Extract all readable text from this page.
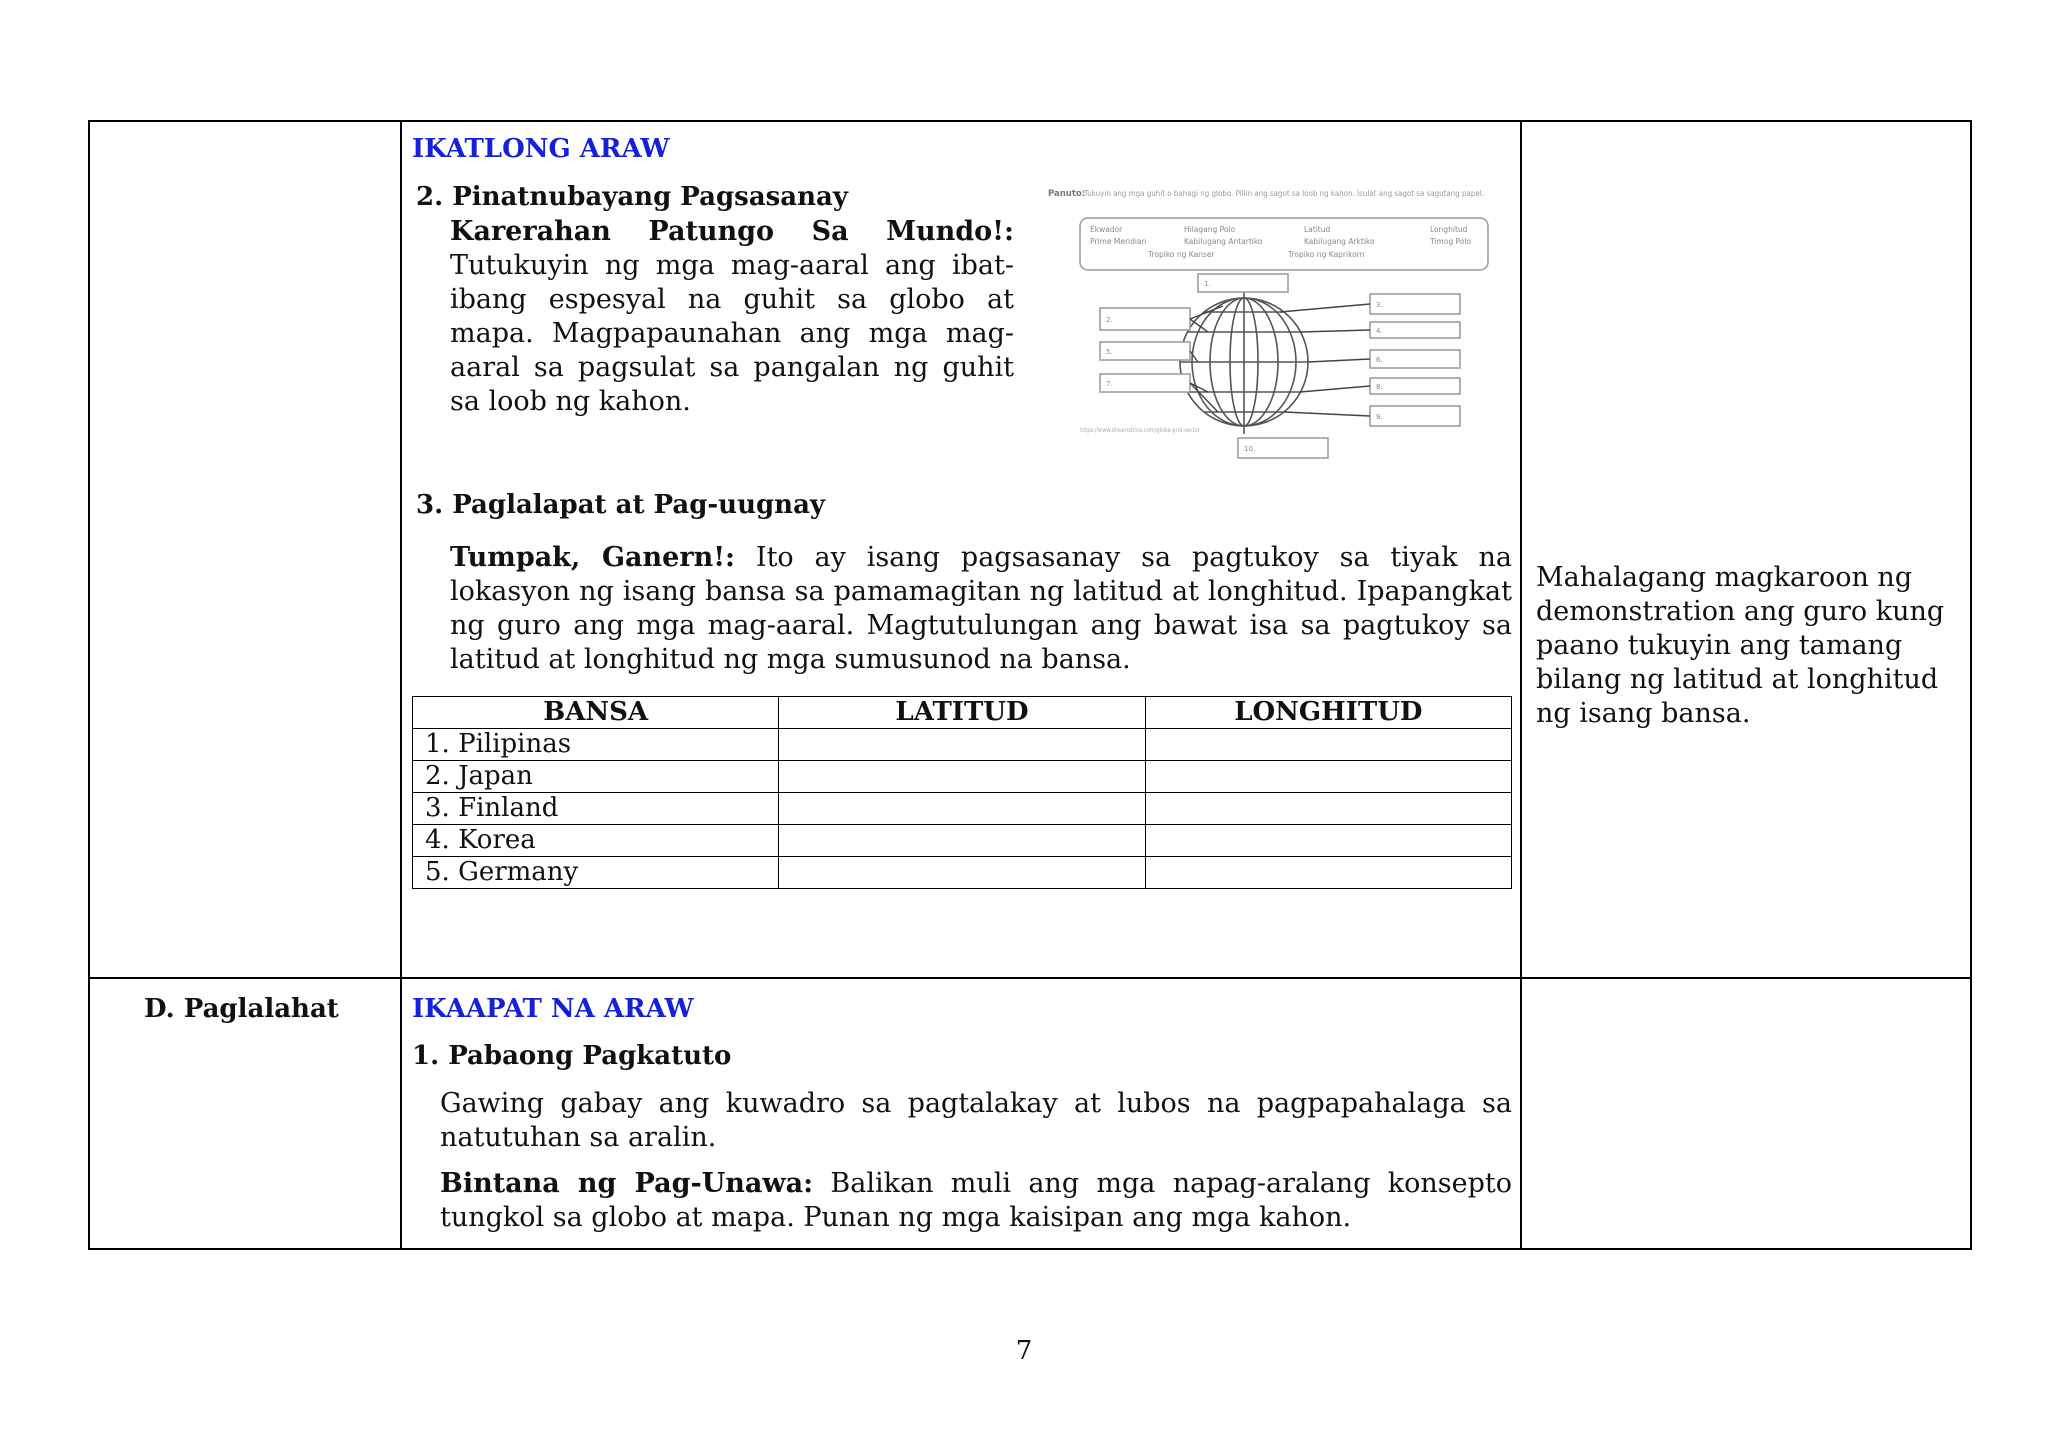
IKATLONG ARAW
2. Pinatnubayang Pagsasanay
Karerahan Patungo Sa Mundo!:
Tutukuyin ng mga mag-aaral ang ibat-ibang espesyal na guhit sa globo at mapa. Magpapaunahan ang mga mag-aaral sa pagsulat sa pangalan ng guhit sa loob ng kahon.
Panuto:
Tukuyin ang mga guhit o bahagi ng globo. Piliin ang sagot sa loob ng kahon. Isulat ang sagot sa sagutang papel.
Ekwador	Hilagang Polo	Latitud	Longhitud
Prime Meridian	Kabilugang Antartiko	Kabilugang Arktiko	Timog Polo
Tropiko ng Kanser	Tropiko ng Kaprikorn
1.
2.
3.
4.
5.
6.
7.	8.
9.
10.
https://www.dreamstime.com/globe-grid-vector
3. Paglalapat at Pag-uugnay
Tumpak, Ganern!: Ito ay isang pagsasanay sa pagtukoy sa tiyak na lokasyon ng isang bansa sa pamamagitan ng latitud at longhitud. Ipapangkat ng guro ang mga mag-aaral. Magtutulungan ang bawat isa sa pagtukoy sa latitud at longhitud ng mga sumusunod na bansa.
BANSA	LATITUD	LONGHITUD
1. Pilipinas		
2. Japan		
3. Finland		
4. Korea		
5. Germany		
Mahalagang magkaroon ng demonstration ang guro kung paano tukuyin ang tamang bilang ng latitud at longhitud ng isang bansa.
D. Paglalahat	IKAAPAT NA ARAW
1. Pabaong Pagkatuto
Gawing gabay ang kuwadro sa pagtalakay at lubos na pagpapahalaga sa natutuhan sa aralin.
Bintana ng Pag-Unawa: Balikan muli ang mga napag-aralang konsepto tungkol sa globo at mapa. Punan ng mga kaisipan ang mga kahon.
7
